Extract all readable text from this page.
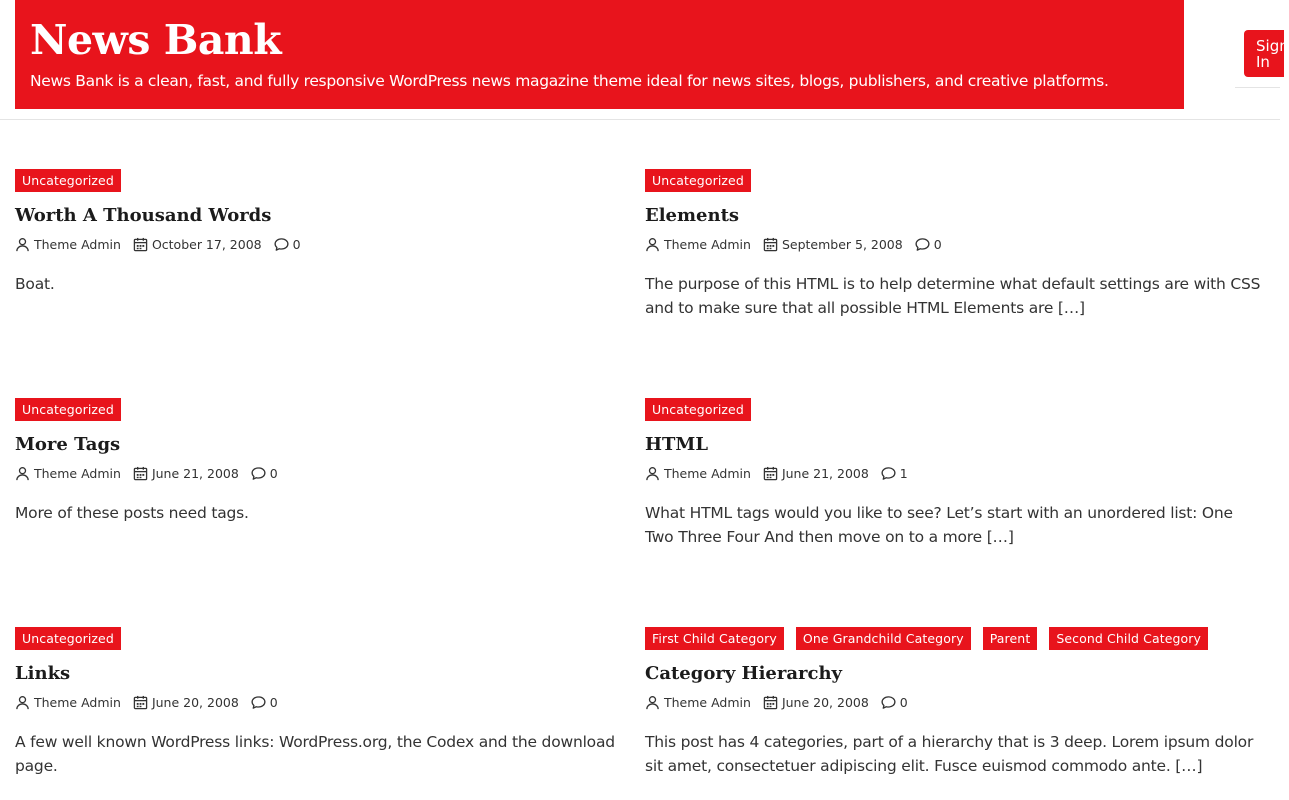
News Bank
News Bank is a clean, fast, and fully responsive WordPress news magazine theme ideal for news sites, blogs, publishers, and creative platforms.
Sign In
Uncategorized
Worth A Thousand Words
Theme Admin October 17, 2008 0
Boat.
Uncategorized
Elements
Theme Admin September 5, 2008 0
The purpose of this HTML is to help determine what default settings are with CSS and to make sure that all possible HTML Elements are […]
Uncategorized
More Tags
Theme Admin June 21, 2008 0
More of these posts need tags.
Uncategorized
HTML
Theme Admin June 21, 2008 1
What HTML tags would you like to see? Let’s start with an unordered list: One Two Three Four And then move on to a more […]
Uncategorized
Links
Theme Admin June 20, 2008 0
A few well known WordPress links: WordPress.org, the Codex and the download page.
First Child Category	One Grandchild Category	Parent	Second Child Category
Category Hierarchy
Theme Admin June 20, 2008 0
This post has 4 categories, part of a hierarchy that is 3 deep. Lorem ipsum dolor sit amet, consectetuer adipiscing elit. Fusce euismod commodo ante. […]
